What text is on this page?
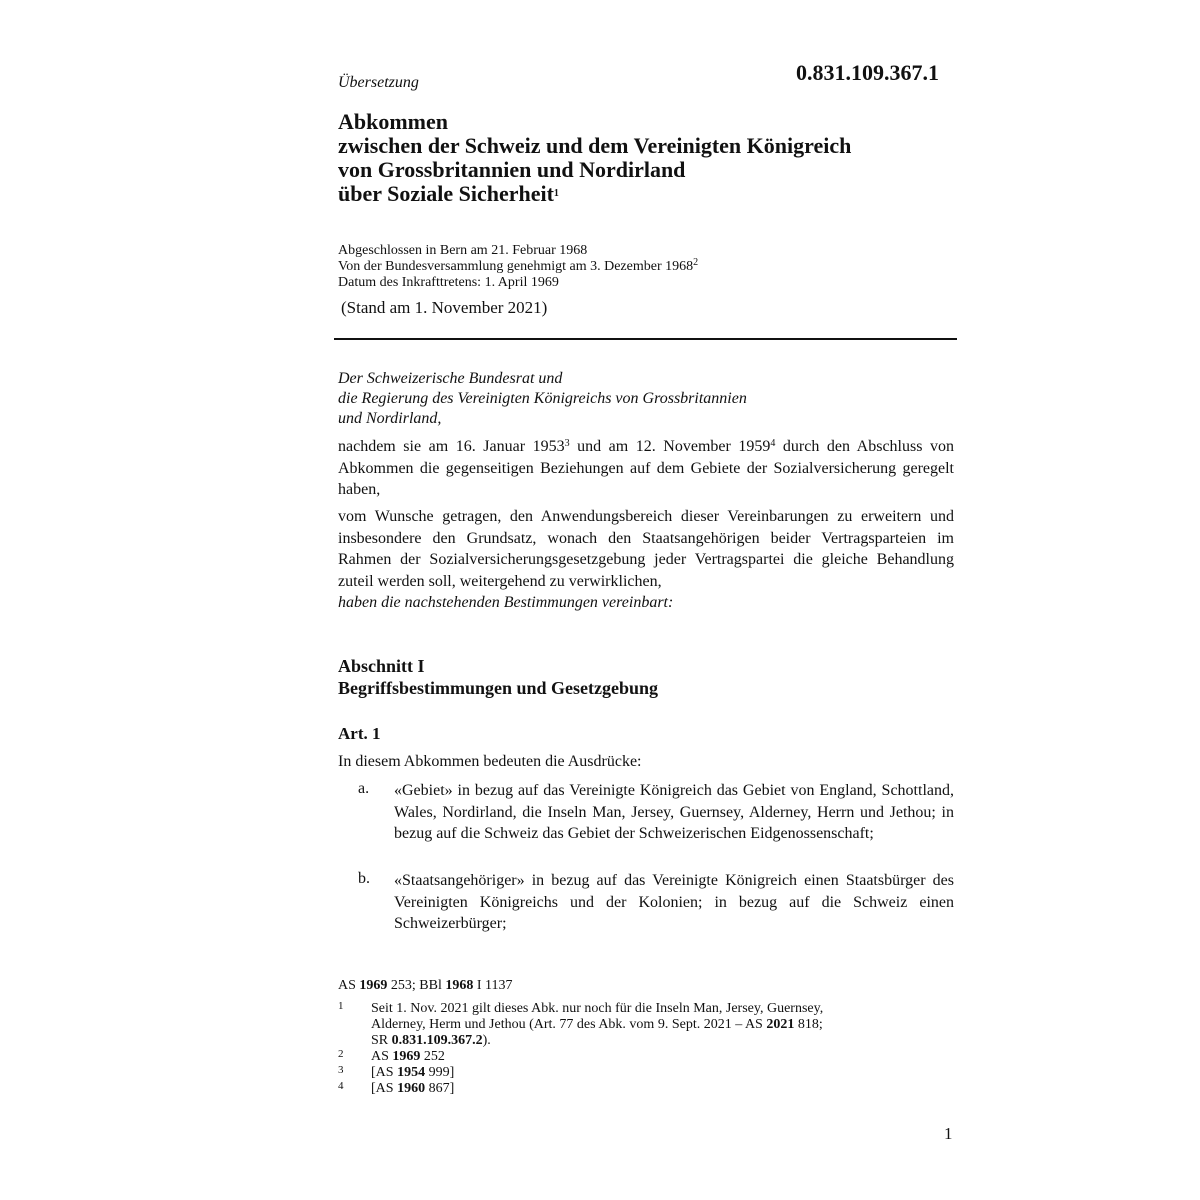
0.831.109.367.1
Übersetzung
Abkommen
zwischen der Schweiz und dem Vereinigten Königreich
von Grossbritannien und Nordirland
über Soziale Sicherheit$^1$
Abgeschlossen in Bern am 21. Februar 1968
Von der Bundesversammlung genehmigt am 3. Dezember 1968$^2$
Datum des Inkrafttretens: 1. April 1969
(Stand am 1. November 2021)
Der Schweizerische Bundesrat und
die Regierung des Vereinigten Königreichs von Grossbritannien
und Nordirland,
nachdem sie am 16. Januar 1953$^3$ und am 12. November 1959$^4$ durch den Abschluss von Abkommen die gegenseitigen Beziehungen auf dem Gebiete der Sozialversicherung geregelt haben,
vom Wunsche getragen, den Anwendungsbereich dieser Vereinbarungen zu erweitern und insbesondere den Grundsatz, wonach den Staatsangehörigen beider Vertragsparteien im Rahmen der Sozialversicherungsgesetzgebung jeder Vertragspartei die gleiche Behandlung zuteil werden soll, weitergehend zu verwirklichen,
haben die nachstehenden Bestimmungen vereinbart:
Abschnitt I
Begriffsbestimmungen und Gesetzgebung
Art. 1
In diesem Abkommen bedeuten die Ausdrücke:
a. «Gebiet» in bezug auf das Vereinigte Königreich das Gebiet von England, Schottland, Wales, Nordirland, die Inseln Man, Jersey, Guernsey, Alderney, Herrn und Jethou; in bezug auf die Schweiz das Gebiet der Schweizerischen Eidgenossenschaft;
b. «Staatsangehöriger» in bezug auf das Vereinigte Königreich einen Staatsbürger des Vereinigten Königreichs und der Kolonien; in bezug auf die Schweiz einen Schweizerbürger;
AS 1969 253; BBl 1968 I 1137
1 Seit 1. Nov. 2021 gilt dieses Abk. nur noch für die Inseln Man, Jersey, Guernsey,
Alderney, Herm und Jethou (Art. 77 des Abk. vom 9. Sept. 2021 – AS 2021 818;
SR 0.831.109.367.2).
2 AS 1969 252
3 [AS 1954 999]
4 [AS 1960 867]
1
